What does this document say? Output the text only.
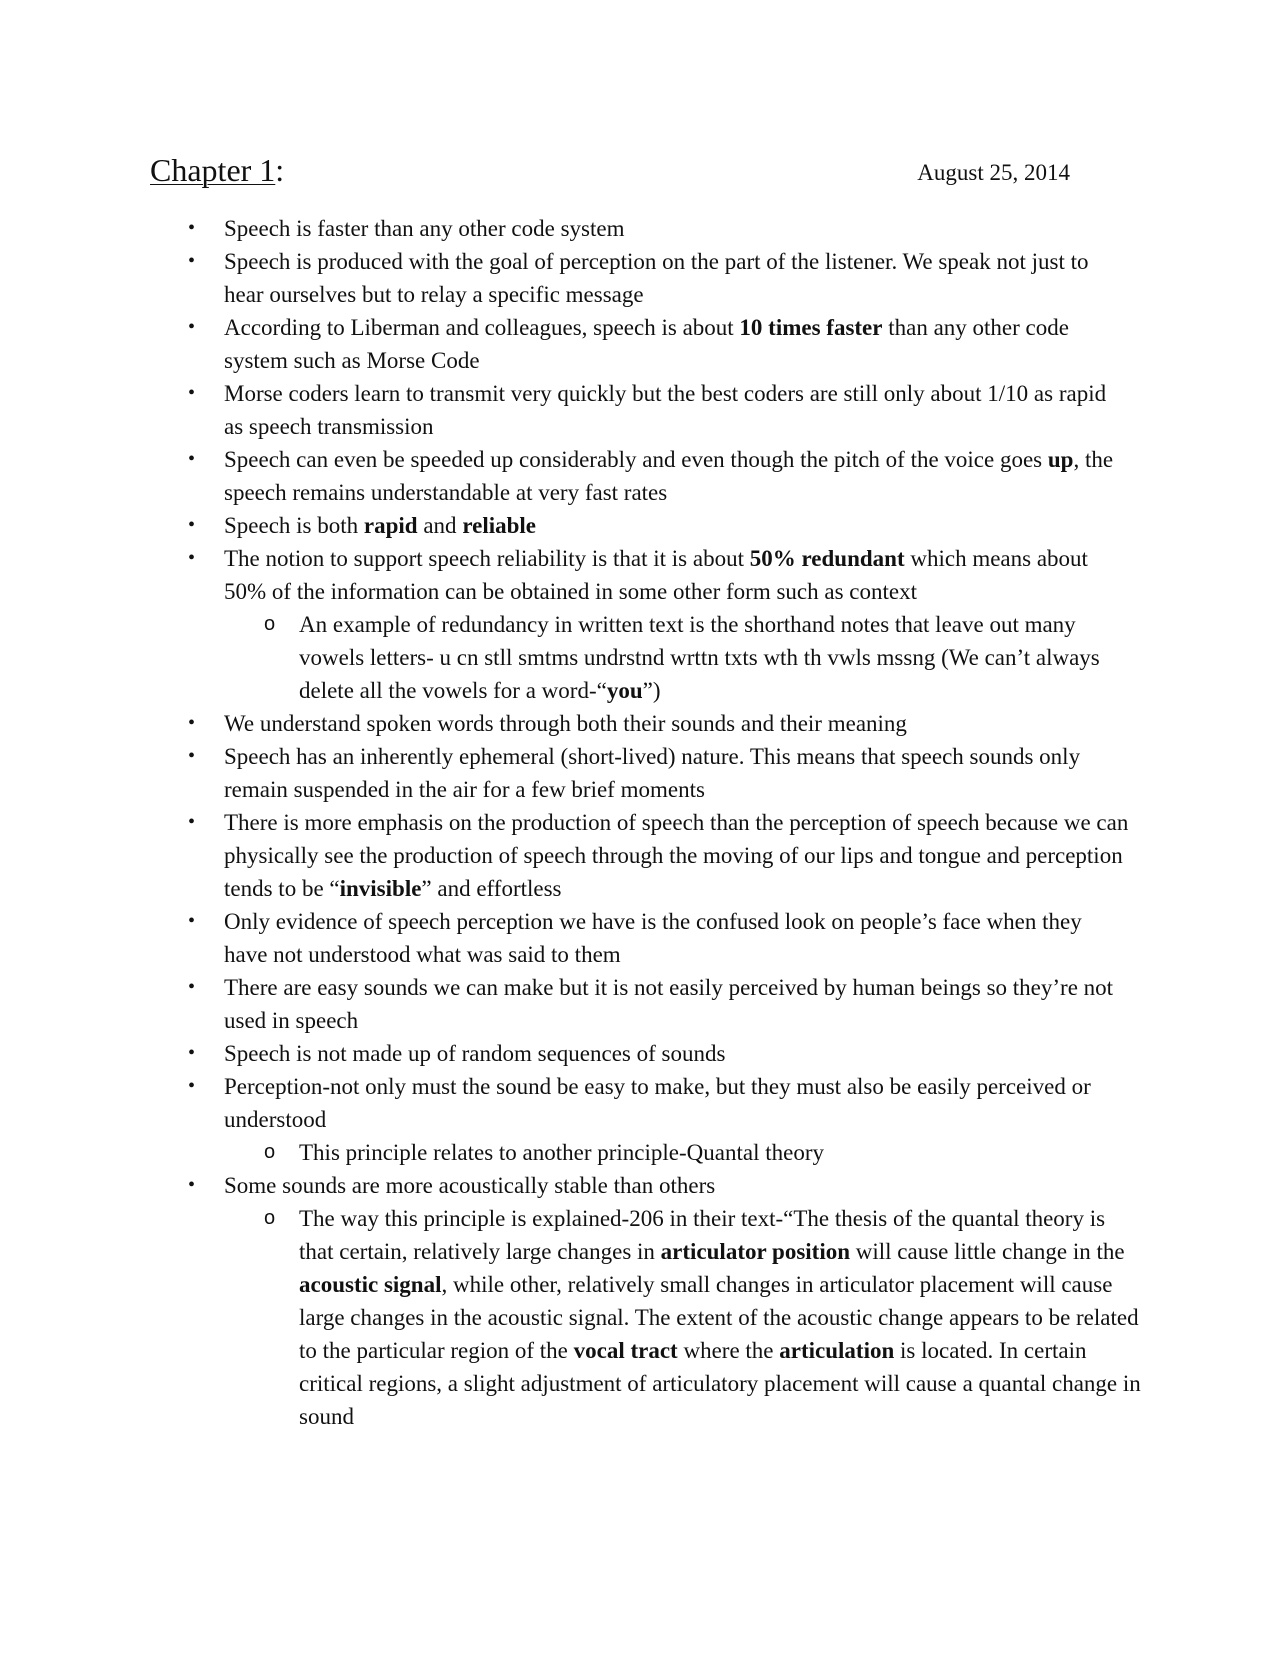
Chapter 1:	August 25, 2014
• Speech is faster than any other code system
• Speech is produced with the goal of perception on the part of the listener. We speak not just to hear ourselves but to relay a specific message
• According to Liberman and colleagues, speech is about 10 times faster than any other code system such as Morse Code
• Morse coders learn to transmit very quickly but the best coders are still only about 1/10 as rapid as speech transmission
• Speech can even be speeded up considerably and even though the pitch of the voice goes up, the speech remains understandable at very fast rates
• Speech is both rapid and reliable
• The notion to support speech reliability is that it is about 50% redundant which means about 50% of the information can be obtained in some other form such as context
o An example of redundancy in written text is the shorthand notes that leave out many vowels letters- u cn stll smtms undrstnd wrttn txts wth th vwls mssng (We can’t always delete all the vowels for a word-“you”)
• We understand spoken words through both their sounds and their meaning
• Speech has an inherently ephemeral (short-lived) nature. This means that speech sounds only remain suspended in the air for a few brief moments
• There is more emphasis on the production of speech than the perception of speech because we can physically see the production of speech through the moving of our lips and tongue and perception tends to be “invisible” and effortless
• Only evidence of speech perception we have is the confused look on people’s face when they have not understood what was said to them
• There are easy sounds we can make but it is not easily perceived by human beings so they’re not used in speech
• Speech is not made up of random sequences of sounds
• Perception-not only must the sound be easy to make, but they must also be easily perceived or understood
o This principle relates to another principle-Quantal theory
• Some sounds are more acoustically stable than others
o The way this principle is explained-206 in their text-“The thesis of the quantal theory is that certain, relatively large changes in articulator position will cause little change in the acoustic signal, while other, relatively small changes in articulator placement will cause large changes in the acoustic signal. The extent of the acoustic change appears to be related to the particular region of the vocal tract where the articulation is located. In certain critical regions, a slight adjustment of articulatory placement will cause a quantal change in sound
